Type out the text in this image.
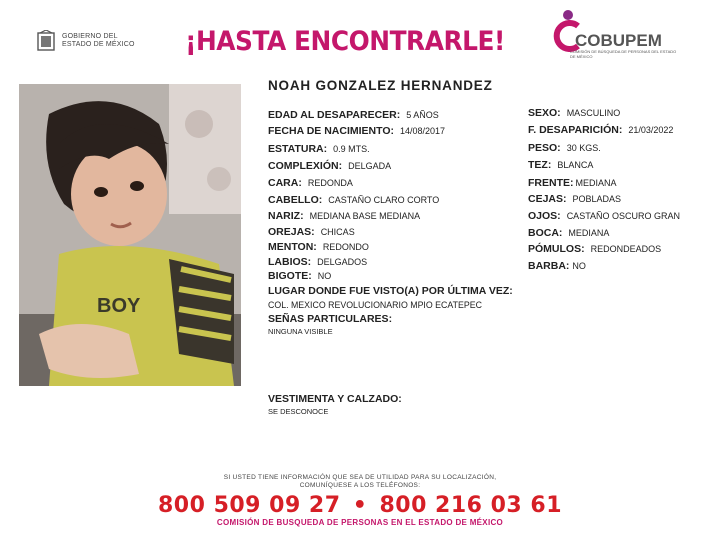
GOBIERNO DEL
ESTADO DE MÉXICO	¡HASTA ENCONTRARLE!	COBUPEM
COMISIÓN DE BÚSQUEDA DE PERSONAS DEL ESTADO DE MÉXICO
NOAH GONZALEZ HERNANDEZ
BOY
EDAD AL DESAPARECER: 5 AÑOS
FECHA DE NACIMIENTO: 14/08/2017
ESTATURA: 0.9 MTS.
COMPLEXIÓN: DELGADA
CARA: REDONDA
CABELLO: CASTAÑO CLARO CORTO
NARIZ: MEDIANA BASE MEDIANA
OREJAS: CHICAS
MENTON: REDONDO
LABIOS: DELGADOS
BIGOTE: NO
SEXO: MASCULINO
F. DESAPARICIÓN: 21/03/2022
PESO: 30 KGS.
TEZ: BLANCA
FRENTE: MEDIANA
CEJAS: POBLADAS
OJOS: CASTAÑO OSCURO GRAN
BOCA: MEDIANA
PÓMULOS: REDONDEADOS
BARBA: NO
LUGAR DONDE FUE VISTO(A) POR ÚLTIMA VEZ:
COL. MEXICO REVOLUCIONARIO MPIO ECATEPEC
SEÑAS PARTICULARES:
NINGUNA VISIBLE
VESTIMENTA Y CALZADO:
SE DESCONOCE
SI USTED TIENE INFORMACIÓN QUE SEA DE UTILIDAD PARA SU LOCALIZACIÓN,
COMUNÍQUESE A LOS TELÉFONOS:
800 509 09 27 • 800 216 03 61
COMISIÓN DE BUSQUEDA DE PERSONAS EN EL ESTADO DE MÉXICO
